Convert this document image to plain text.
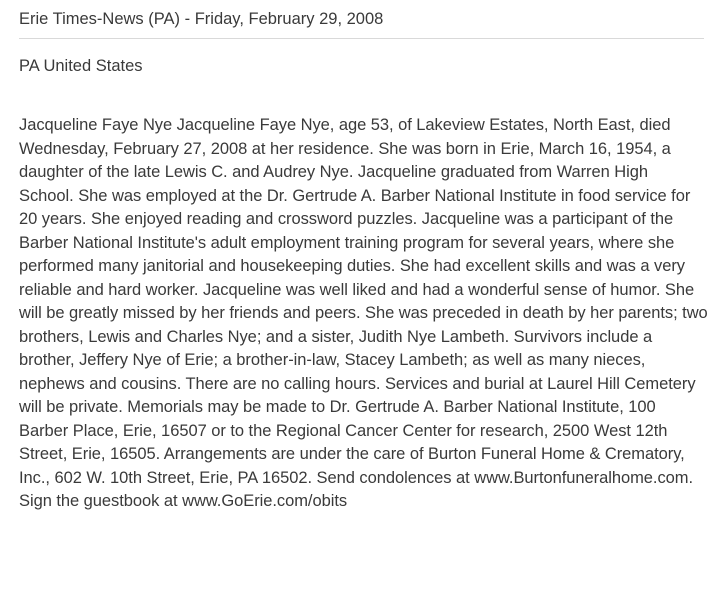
Erie Times-News (PA) - Friday, February 29, 2008
PA United States
Jacqueline Faye Nye Jacqueline Faye Nye, age 53, of Lakeview Estates, North East, died
Wednesday, February 27, 2008 at her residence. She was born in Erie, March 16, 1954, a
daughter of the late Lewis C. and Audrey Nye. Jacqueline graduated from Warren High
School. She was employed at the Dr. Gertrude A. Barber National Institute in food service for
20 years. She enjoyed reading and crossword puzzles. Jacqueline was a participant of the
Barber National Institute's adult employment training program for several years, where she
performed many janitorial and housekeeping duties. She had excellent skills and was a very
reliable and hard worker. Jacqueline was well liked and had a wonderful sense of humor. She
will be greatly missed by her friends and peers. She was preceded in death by her parents; two
brothers, Lewis and Charles Nye; and a sister, Judith Nye Lambeth. Survivors include a
brother, Jeffery Nye of Erie; a brother-in-law, Stacey Lambeth; as well as many nieces,
nephews and cousins. There are no calling hours. Services and burial at Laurel Hill Cemetery
will be private. Memorials may be made to Dr. Gertrude A. Barber National Institute, 100
Barber Place, Erie, 16507 or to the Regional Cancer Center for research, 2500 West 12th
Street, Erie, 16505. Arrangements are under the care of Burton Funeral Home & Crematory,
Inc., 602 W. 10th Street, Erie, PA 16502. Send condolences at www.Burtonfuneralhome.com.
Sign the guestbook at www.GoErie.com/obits
